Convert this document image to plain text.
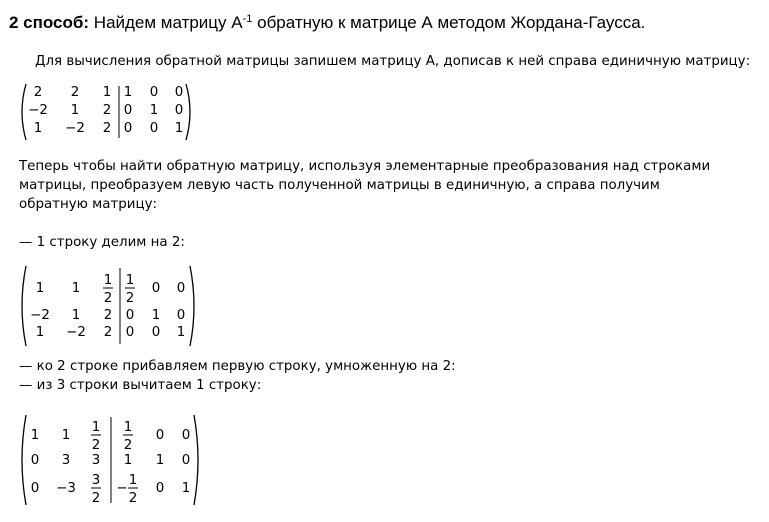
2 способ: Найдем матрицу $А^{-1}$ обратную к матрице А методом Жордана-Гаусса.
Для вычисления обратной матрицы запишем матрицу А, дописав к ней справа единичную матрицу:
2 2 1
−2 1 2
1 −2 2
1 0 0
0 1 0
0 0 1
Теперь чтобы найти обратную матрицу, используя элементарные преобразования над строками
матрицы, преобразуем левую часть полученной матрицы в единичную, а справа получим
обратную матрицу:
— 1 строку делим на 2:
1 1
1
2
−2 1 2
1 −2 2
1
2
0 0
0 1 0
0 0 1
— ко 2 строке прибавляем первую строку, умноженную на 2:
— из 3 строки вычитаем 1 строку:
1 1
1
2
0 3 3
0 −3
3
2
1
2
0 0
1 1 0
−
1
2
0 1
